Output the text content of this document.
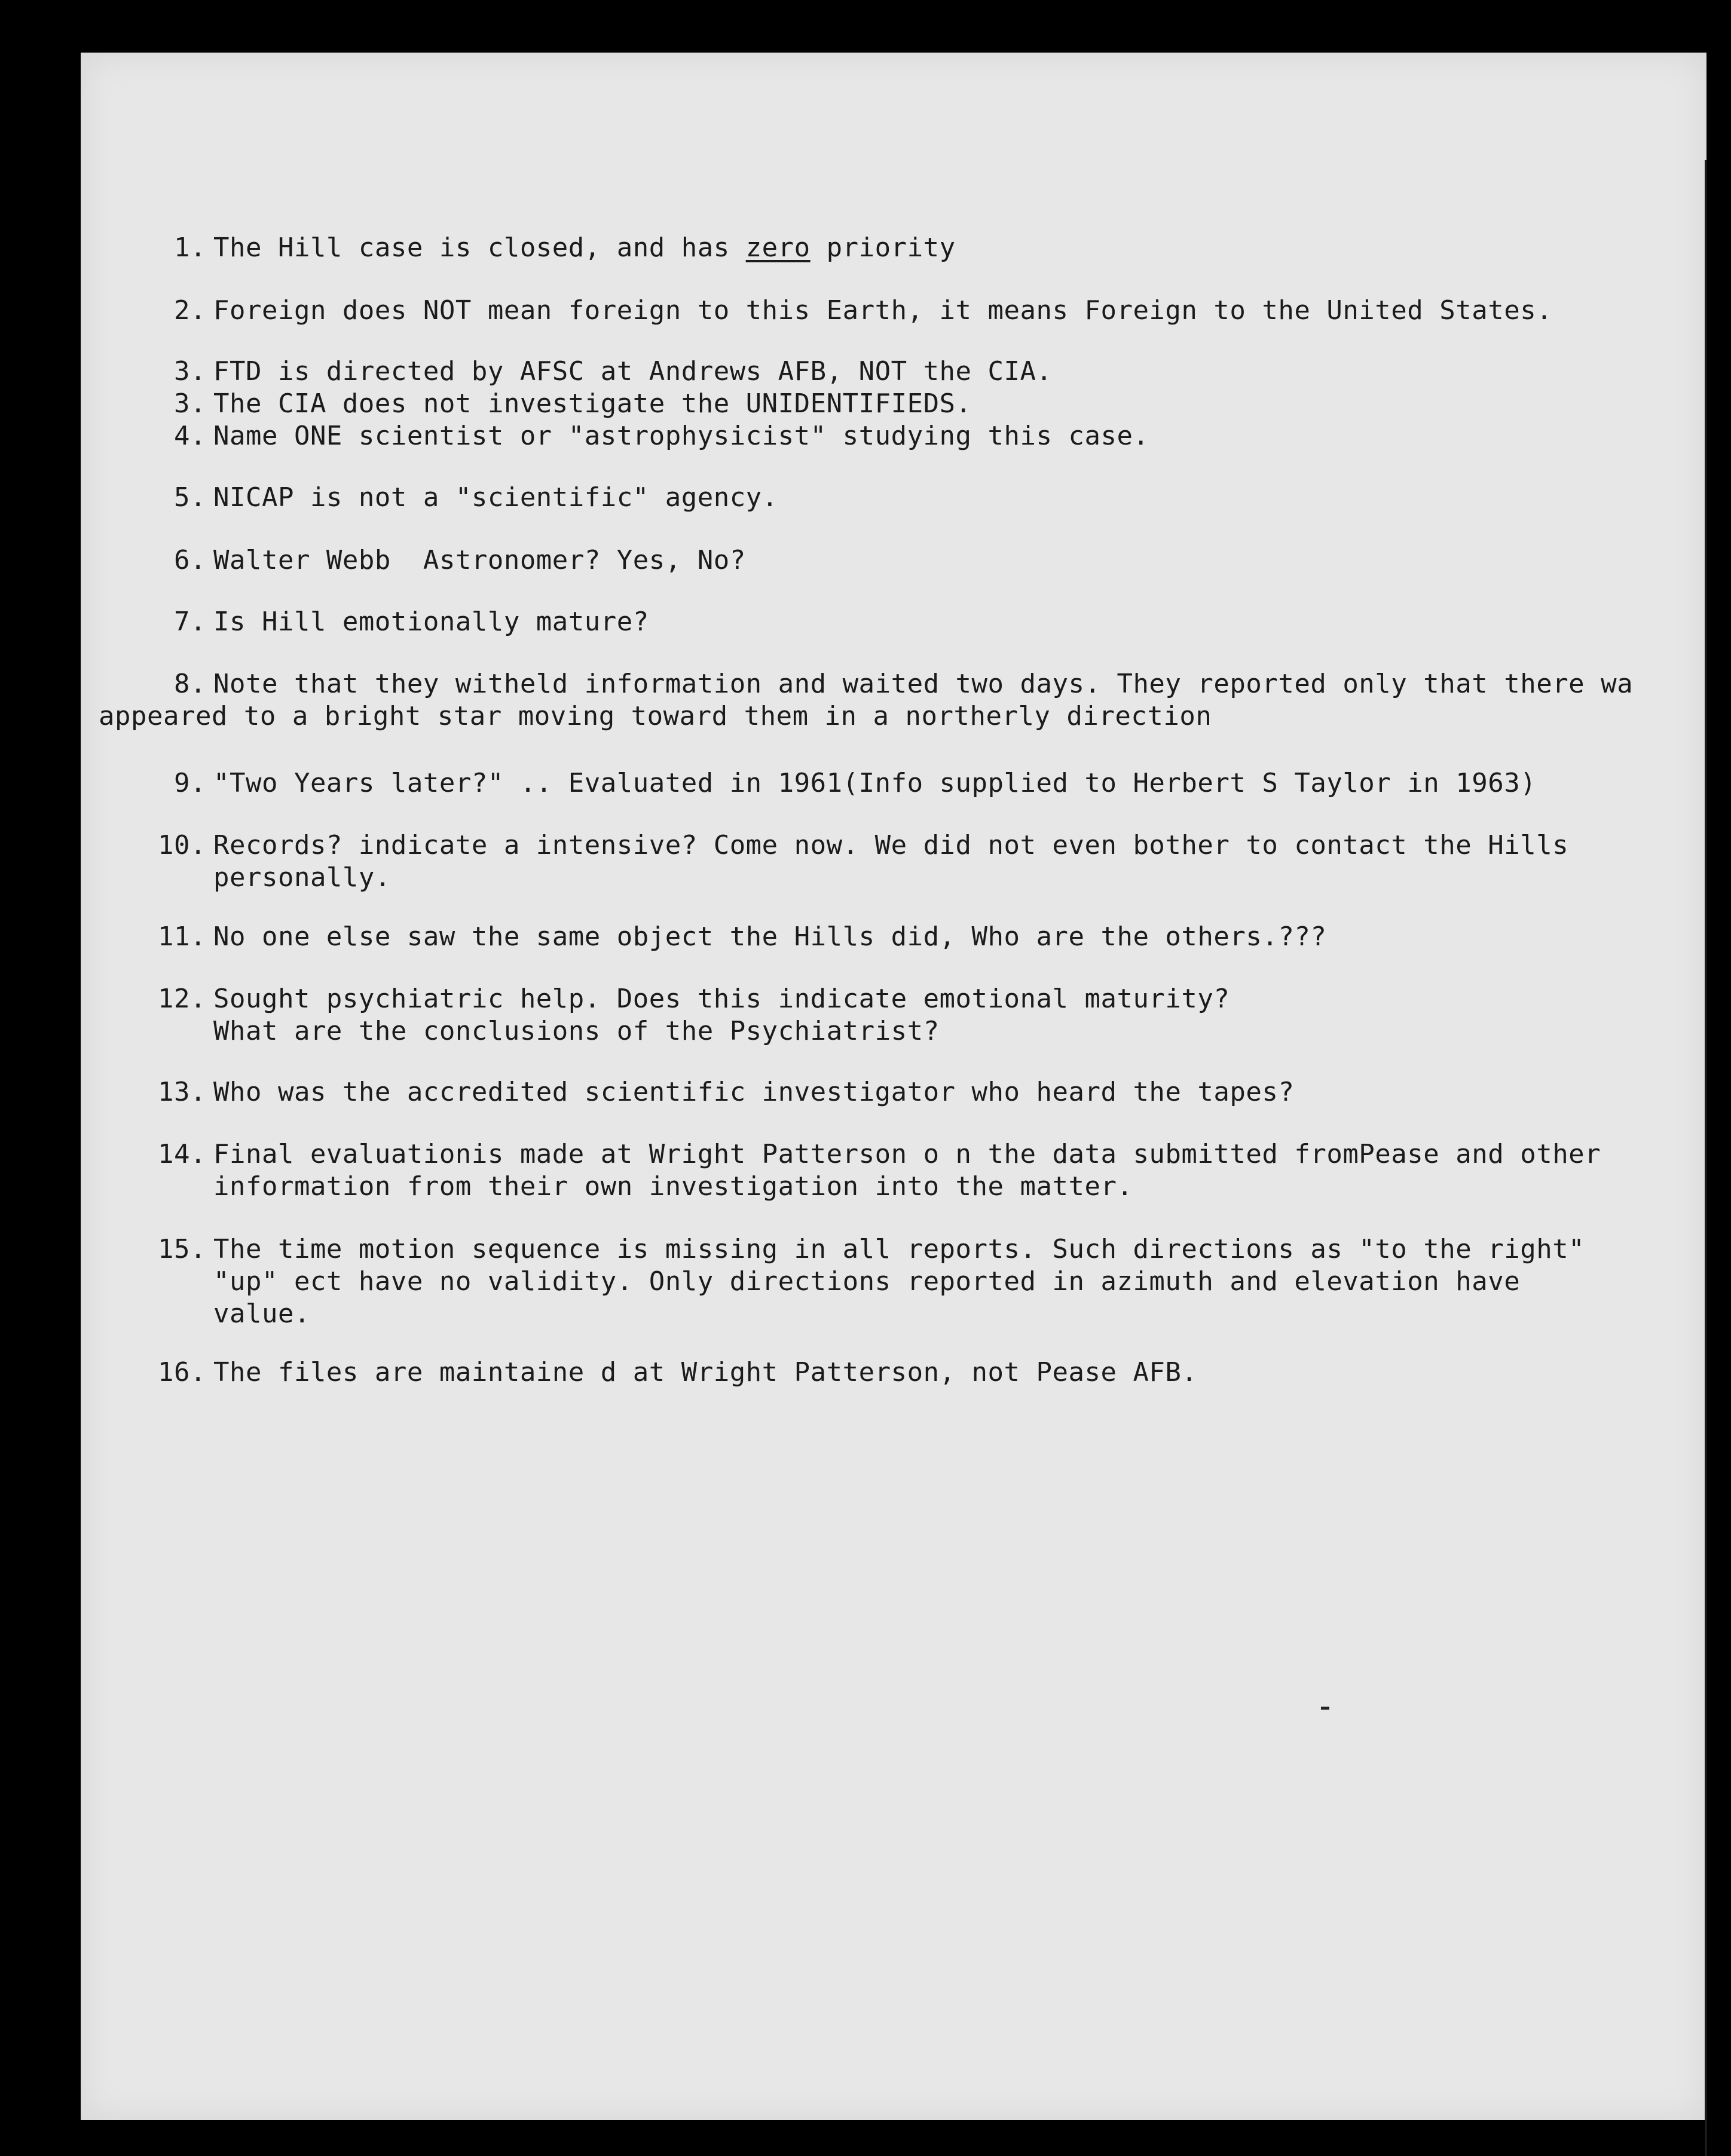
1. The Hill case is closed, and has zero priority
2. Foreign does NOT mean foreign to this Earth, it means Foreign to the United States.
3. FTD is directed by AFSC at Andrews AFB, NOT the CIA.
3. The CIA does not investigate the UNIDENTIFIEDS.
4. Name ONE scientist or "astrophysicist" studying this case.
5. NICAP is not a "scientific" agency.
6. Walter Webb  Astronomer? Yes, No?
7. Is Hill emotionally mature?
8. Note that they witheld information and waited two days. They reported only that there wa
appeared to a bright star moving toward them in a northerly direction
9. "Two Years later?" .. Evaluated in 1961(Info supplied to Herbert S Taylor in 1963)
10. Records? indicate a intensive? Come now. We did not even bother to contact the Hills
personally.
11. No one else saw the same object the Hills did, Who are the others.???
12. Sought psychiatric help. Does this indicate emotional maturity?
What are the conclusions of the Psychiatrist?
13. Who was the accredited scientific investigator who heard the tapes?
14. Final evaluationis made at Wright Patterson o n the data submitted fromPease and other
information from their own investigation into the matter.
15. The time motion sequence is missing in all reports. Such directions as "to the right"
"up" ect have no validity. Only directions reported in azimuth and elevation have
value.
16. The files are maintaine d at Wright Patterson, not Pease AFB.
